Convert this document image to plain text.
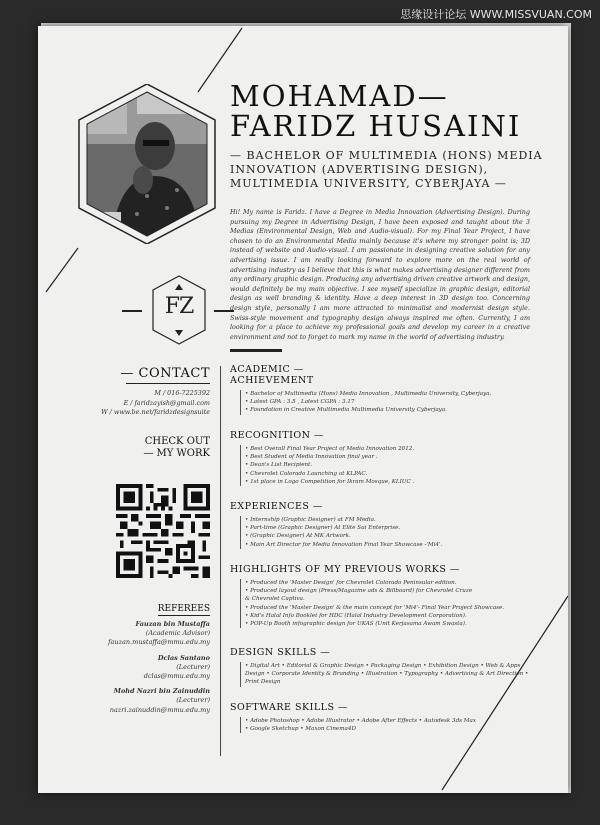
思缘设计论坛 WWW.MISSVUAN.COM
FZ
MOHAMAD—
FARIDZ HUSAINI
— BACHELOR OF MULTIMEDIA (HONS) MEDIA INNOVATION (ADVERTISING DESIGN), MULTIMEDIA UNIVERSITY, CYBERJAYA —
Hi! My name is Faridz. I have a Degree in Media Innovation (Advertising Design). During pursuing my Degree in Advertising Design, I have been exposed and taught about the 3 Medias (Environmental Design, Web and Audio-visual). For my Final Year Project, I have chosen to do an Environmental Media mainly because it's where my stronger point is; 3D instead of website and Audio-visual. I am passionate in designing creative solution for any advertising issue. I am really looking forward to explore more on the real world of advertising industry as I believe that this is what makes advertising designer different from any ordinary graphic design. Producing any advertising driven creative artwork and design, would definitely be my main objective. I see myself specialize in graphic design, editorial design as well branding & identity. Have a deep interest in 3D design too. Concerning design style, personally I am more attracted to minimalist and modernist design style. Swiss-style movement and typography design always inspired me often. Currently, I am looking for a place to achieve my professional goals and develop my career in a creative environment and not to forget to mark my name in the world of advertising industry.
— CONTACT
M / 016-7225392
E / faridzayish@gmail.com
W / www.be.net/faridzdesignsuite
CHECK OUT
— MY WORK
REFEREES
Fauzan bin Mustaffa
(Academic Advisor)
fauzan.mustaffa@mmu.edu.my
Dclas Santano
(Lecturer)
dclas@mmu.edu.my
Mohd Nazri bin Zainuddin
(Lecturer)
nazri.zainuddin@mmu.edu.my
ACADEMIC —
ACHIEVEMENT
• Bachelor of Multimedia (Hons) Media Innovation , Multimedia University, Cyberjaya.
• Latest GPA : 3.5 , Latest CGPA : 3.17
• Foundation in Creative Multimedia Multimedia University Cyberjaya.
RECOGNITION —
• Best Overall Final Year Project of Media Innovation 2012.
• Best Student of Media Innovation final year .
• Dean's List Recipient.
• Chevrolet Colorado Launching at KLPAC.
• 1st place in Logo Competition for Ikram Mosque, KLIUC .
EXPERIENCES —
• Internship (Graphic Designer) at FM Media.
• Part-time (Graphic Designer) At Elite Sui Enterprise.
• (Graphic Designer) At MK Artwork.
• Main Art Director for Media Innovation Final Year Showcase -'Mi4'.
HIGHLIGHTS OF MY PREVIOUS WORKS —
• Produced the 'Master Design' for Chevrolet Colorado Peninsular edition.
• Produced layout design (Press/Magazine ads & Billboard) for Chevrolet Cruze
& Chevrolet Captiva.
• Produced the 'Master Design' & the main concept for 'Mi4'- Final Year Project Showcase.
• Kid's Halal Info Booklet for HDC (Halal Industry Development Corporation).
• POP-Up Booth infographic design for UKAS (Unit Kerjasama Awam Swasta).
DESIGN SKILLS —
• Digital Art • Editorial & Graphic Design • Packaging Design • Exhibition Design • Web & Apps Design • Corporate Identity & Branding • Illustration • Typography • Advertising & Art Direction • Print Design
SOFTWARE SKILLS —
• Adobe Photoshop • Adobe Illustrator • Adobe After Effects • Autodesk 3ds Max
• Google Sketchup • Maxon Cinema4D
